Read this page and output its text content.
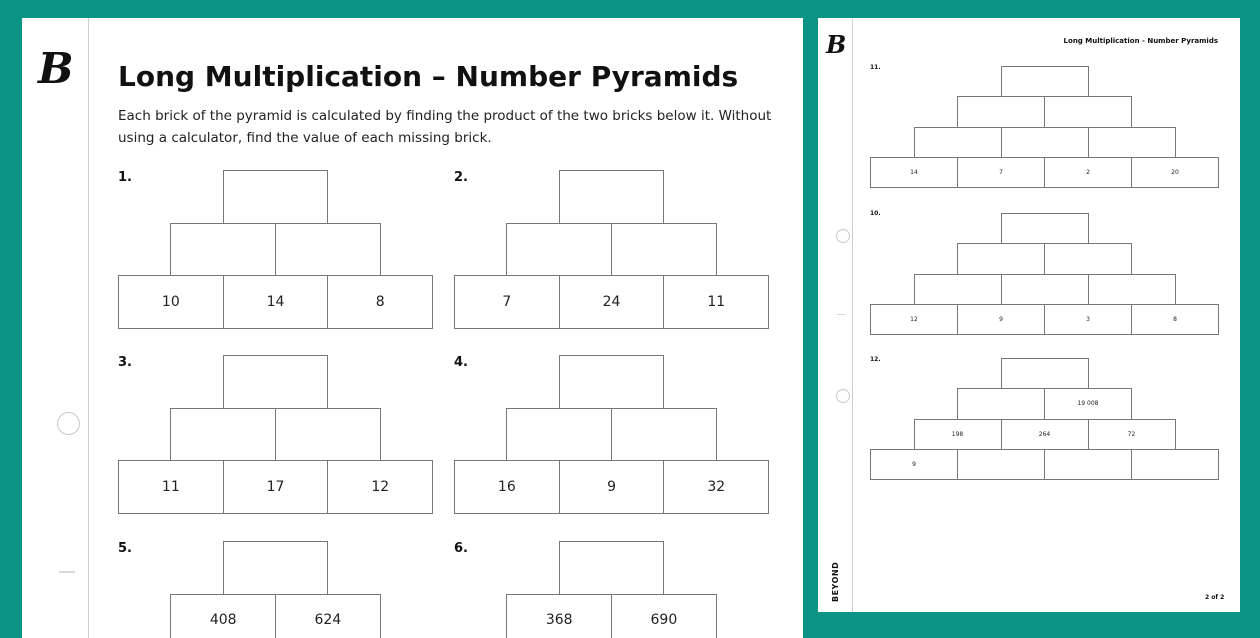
B Long Multiplication – Number Pyramids
Each brick of the pyramid is calculated by finding the product of the two bricks below it. Without using a calculator, find the value of each missing brick.
1.
10	14	8
2.
7	24	11
3.
11	17	12
4.
16	9	32
5.
408	624
6.
368	690
B	Long Multiplication - Number Pyramids
11.
14	7	2	20
10.
12	9	3	8
12.
19 008
198	264	72
9
BEYOND	2 of 2
